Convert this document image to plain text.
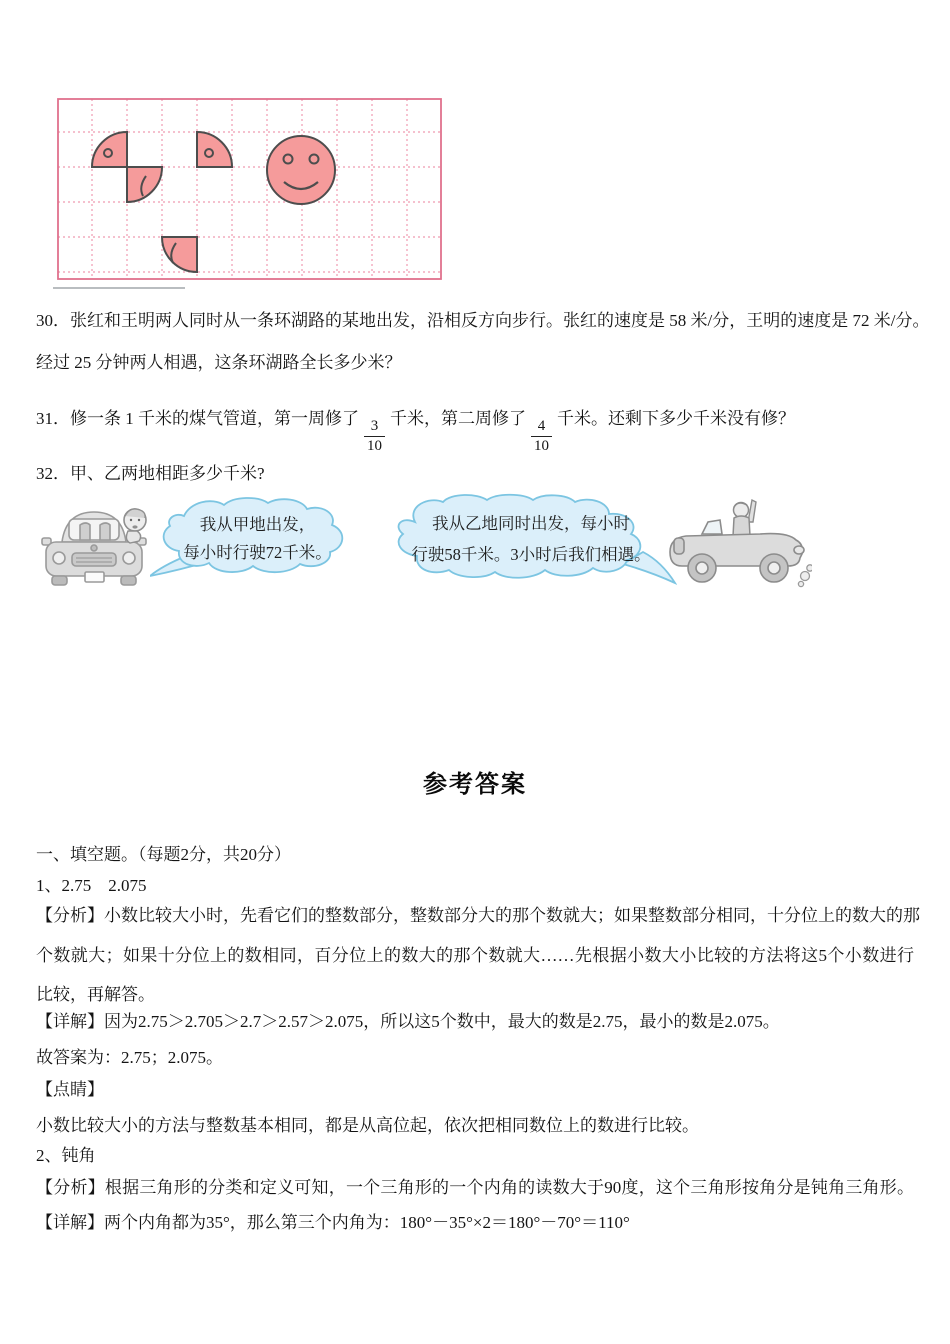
30．张红和王明两人同时从一条环湖路的某地出发，沿相反方向步行。张红的速度是 58 米/分，王明的速度是 72 米/分。
经过 25 分钟两人相遇，这条环湖路全长多少米？
31．修一条 1 千米的煤气管道，第一周修了
$\frac{3}{10}$
千米，第二周修了
$\frac{4}{10}$
千米。还剩下多少千米没有修？
32．甲、乙两地相距多少千米?
我从甲地出发，
每小时行驶72千米。
我从乙地同时出发，每小时
行驶58千米。3小时后我们相遇。
参考答案
一、填空题。（每题2分，共20分）
1、2.75　2.075
【分析】小数比较大小时，先看它们的整数部分，整数部分大的那个数就大；如果整数部分相同，十分位上的数大的那
个数就大；如果十分位上的数相同，百分位上的数大的那个数就大……先根据小数大小比较的方法将这5个小数进行
比较，再解答。
【详解】因为2.75＞2.705＞2.7＞2.57＞2.075，所以这5个数中，最大的数是2.75，最小的数是2.075。
故答案为：2.75；2.075。
【点睛】
小数比较大小的方法与整数基本相同，都是从高位起，依次把相同数位上的数进行比较。
2、钝角
【分析】根据三角形的分类和定义可知，一个三角形的一个内角的读数大于90度，这个三角形按角分是钝角三角形。
【详解】两个内角都为35°，那么第三个内角为：180°－35°×2＝180°－70°＝110°
